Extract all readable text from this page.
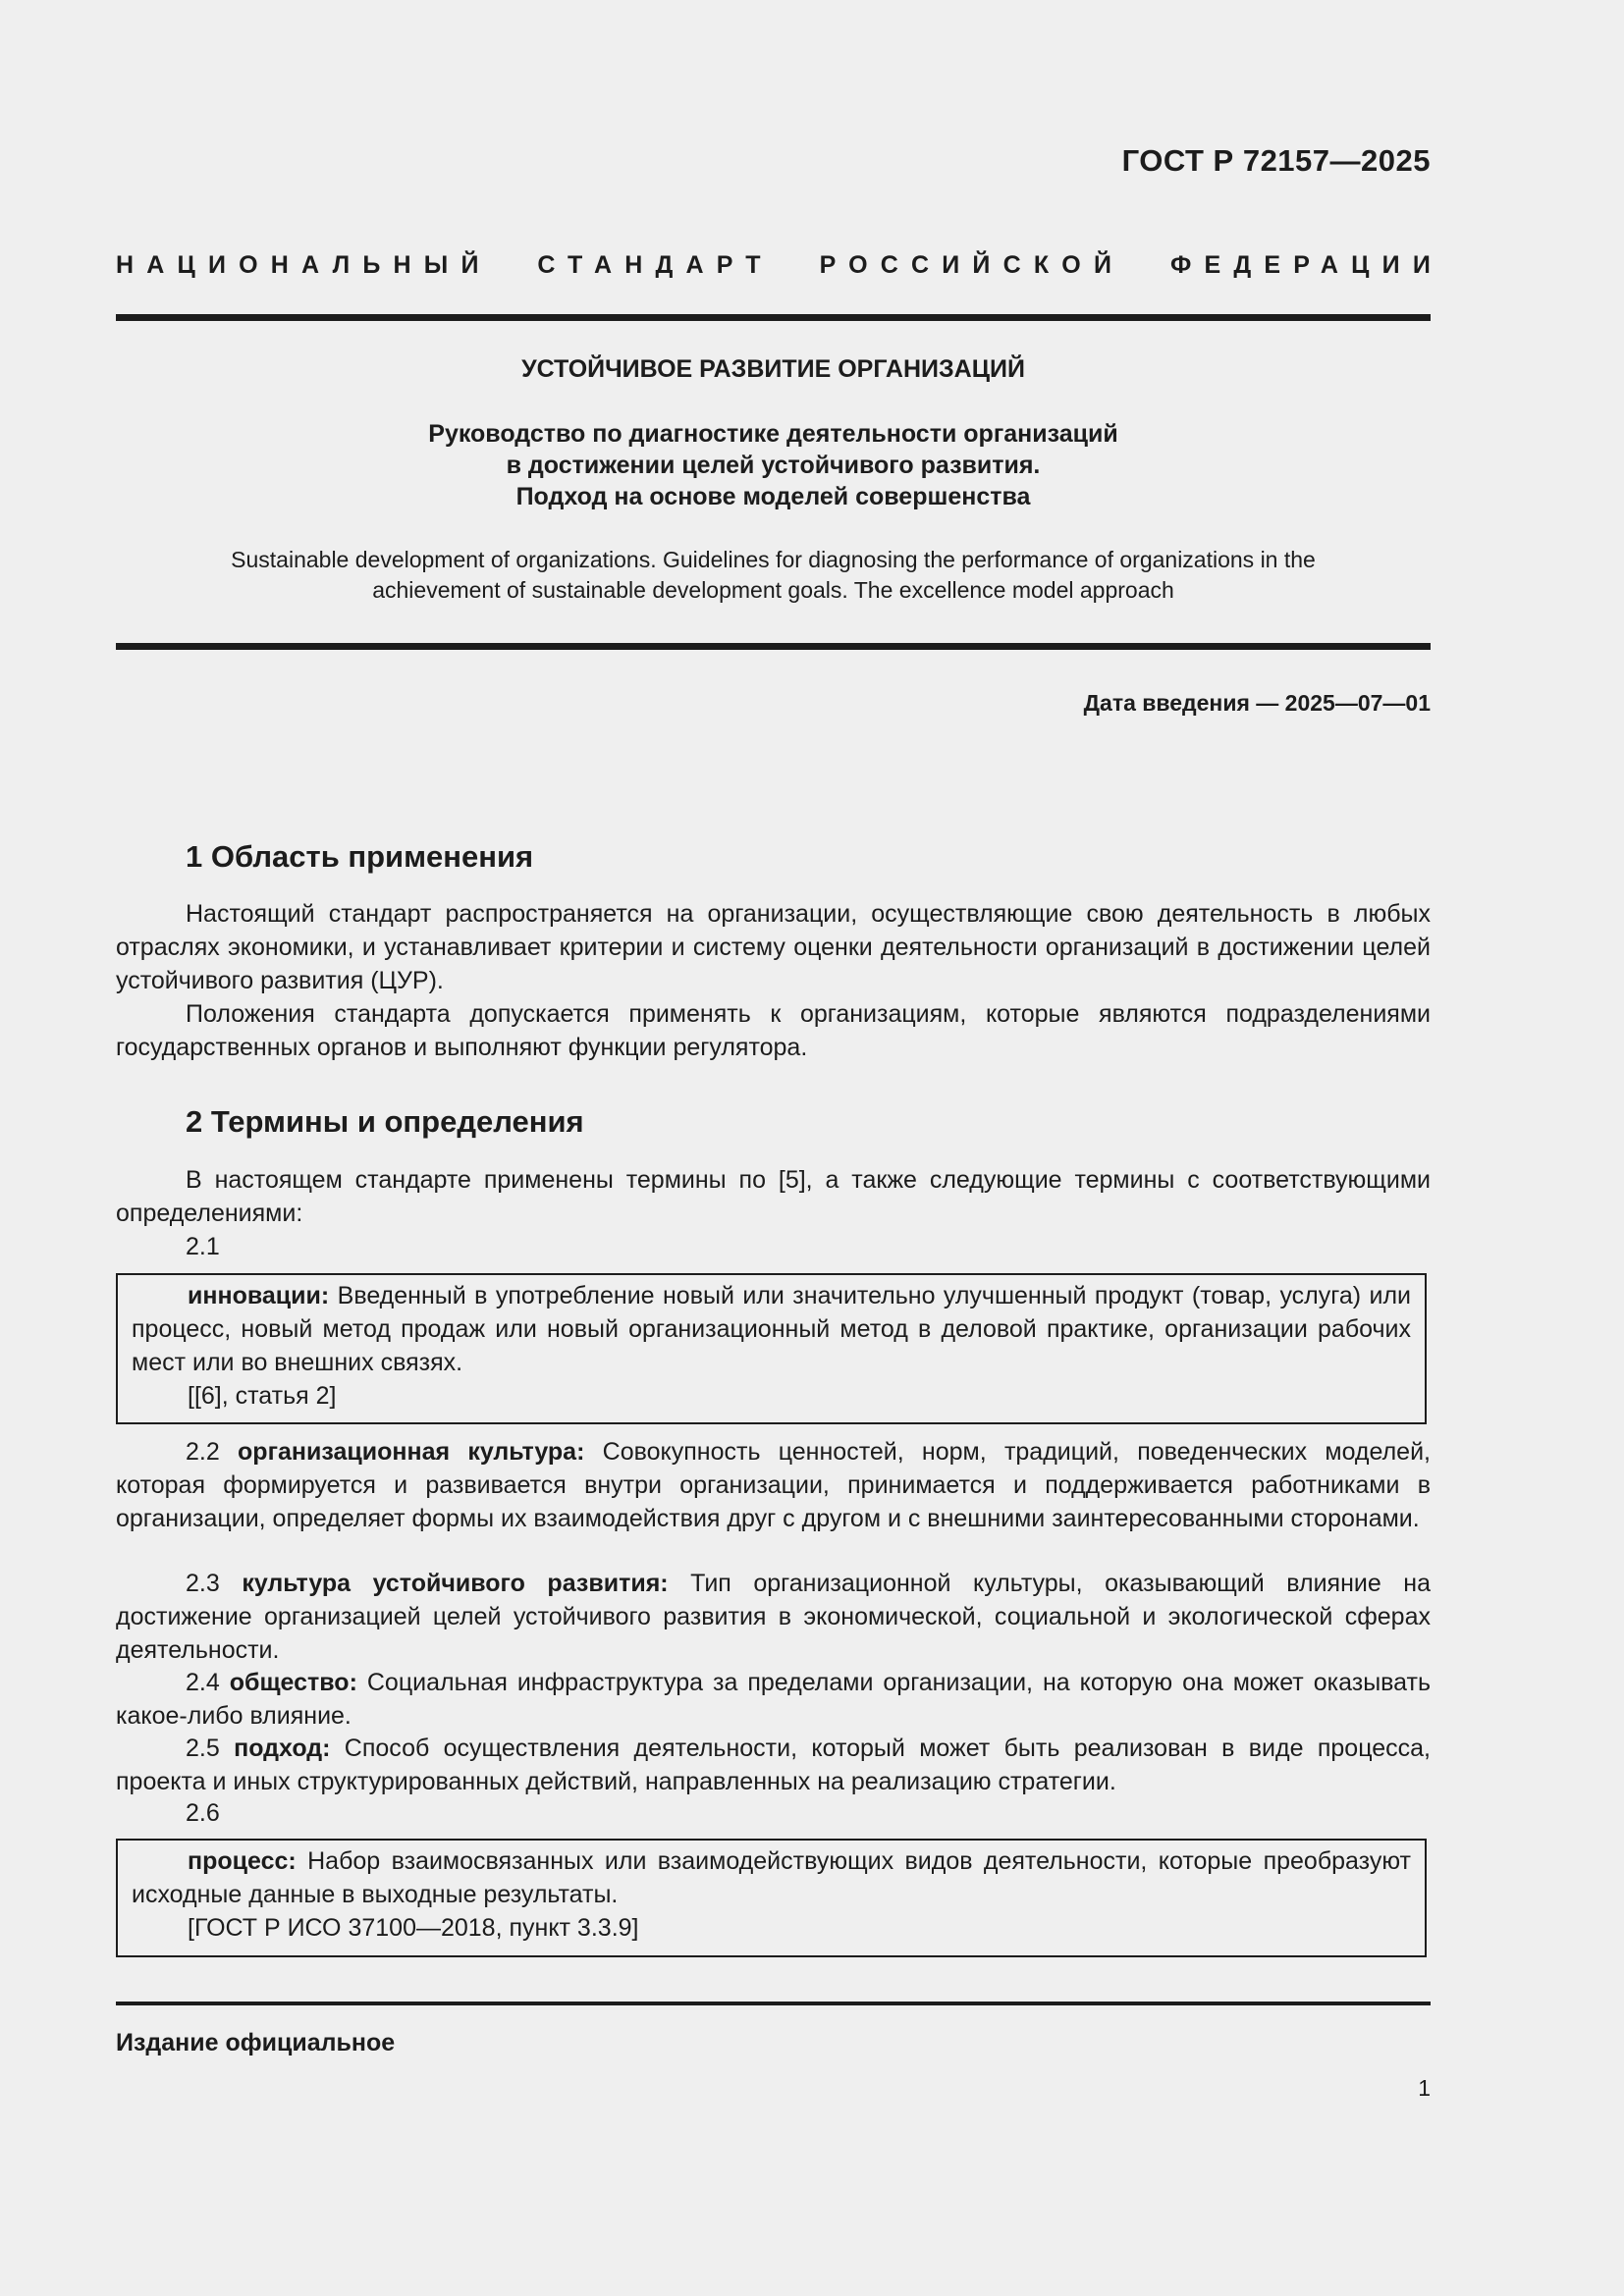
ГОСТ Р 72157—2025
НАЦИОНАЛЬНЫЙ СТАНДАРТ РОССИЙСКОЙ ФЕДЕРАЦИИ
УСТОЙЧИВОЕ РАЗВИТИЕ ОРГАНИЗАЦИЙ
Руководство по диагностике деятельности организаций
в достижении целей устойчивого развития.
Подход на основе моделей совершенства
Sustainable development of organizations. Guidelines for diagnosing the performance of organizations in the
achievement of sustainable development goals. The excellence model approach
Дата введения — 2025—07—01
1 Область применения

Настоящий стандарт распространяется на организации, осуществляющие свою деятельность в любых отраслях экономики, и устанавливает критерии и систему оценки деятельности организаций в достижении целей устойчивого развития (ЦУР).

Положения стандарта допускается применять к организациям, которые являются подразделениями государственных органов и выполняют функции регулятора.

2 Термины и определения

В настоящем стандарте применены термины по [5], а также следующие термины с соответствующими определениями:

2.1

инновации: Введенный в употребление новый или значительно улучшенный продукт (товар, услуга) или процесс, новый метод продаж или новый организационный метод в деловой практике, организации рабочих мест или во внешних связях.

[[6], статья 2]

2.2 организационная культура: Совокупность ценностей, норм, традиций, поведенческих моделей, которая формируется и развивается внутри организации, принимается и поддерживается работниками в организации, определяет формы их взаимодействия друг с другом и с внешними заинтересованными сторонами.

2.3 культура устойчивого развития: Тип организационной культуры, оказывающий влияние на достижение организацией целей устойчивого развития в экономической, социальной и экологической сферах деятельности.

2.4 общество: Социальная инфраструктура за пределами организации, на которую она может оказывать какое-либо влияние.

2.5 подход: Способ осуществления деятельности, который может быть реализован в виде процесса, проекта и иных структурированных действий, направленных на реализацию стратегии.

2.6

процесс: Набор взаимосвязанных или взаимодействующих видов деятельности, которые преобразуют исходные данные в выходные результаты.

[ГОСТ Р ИСО 37100—2018, пункт 3.3.9]

Издание официальное
1
